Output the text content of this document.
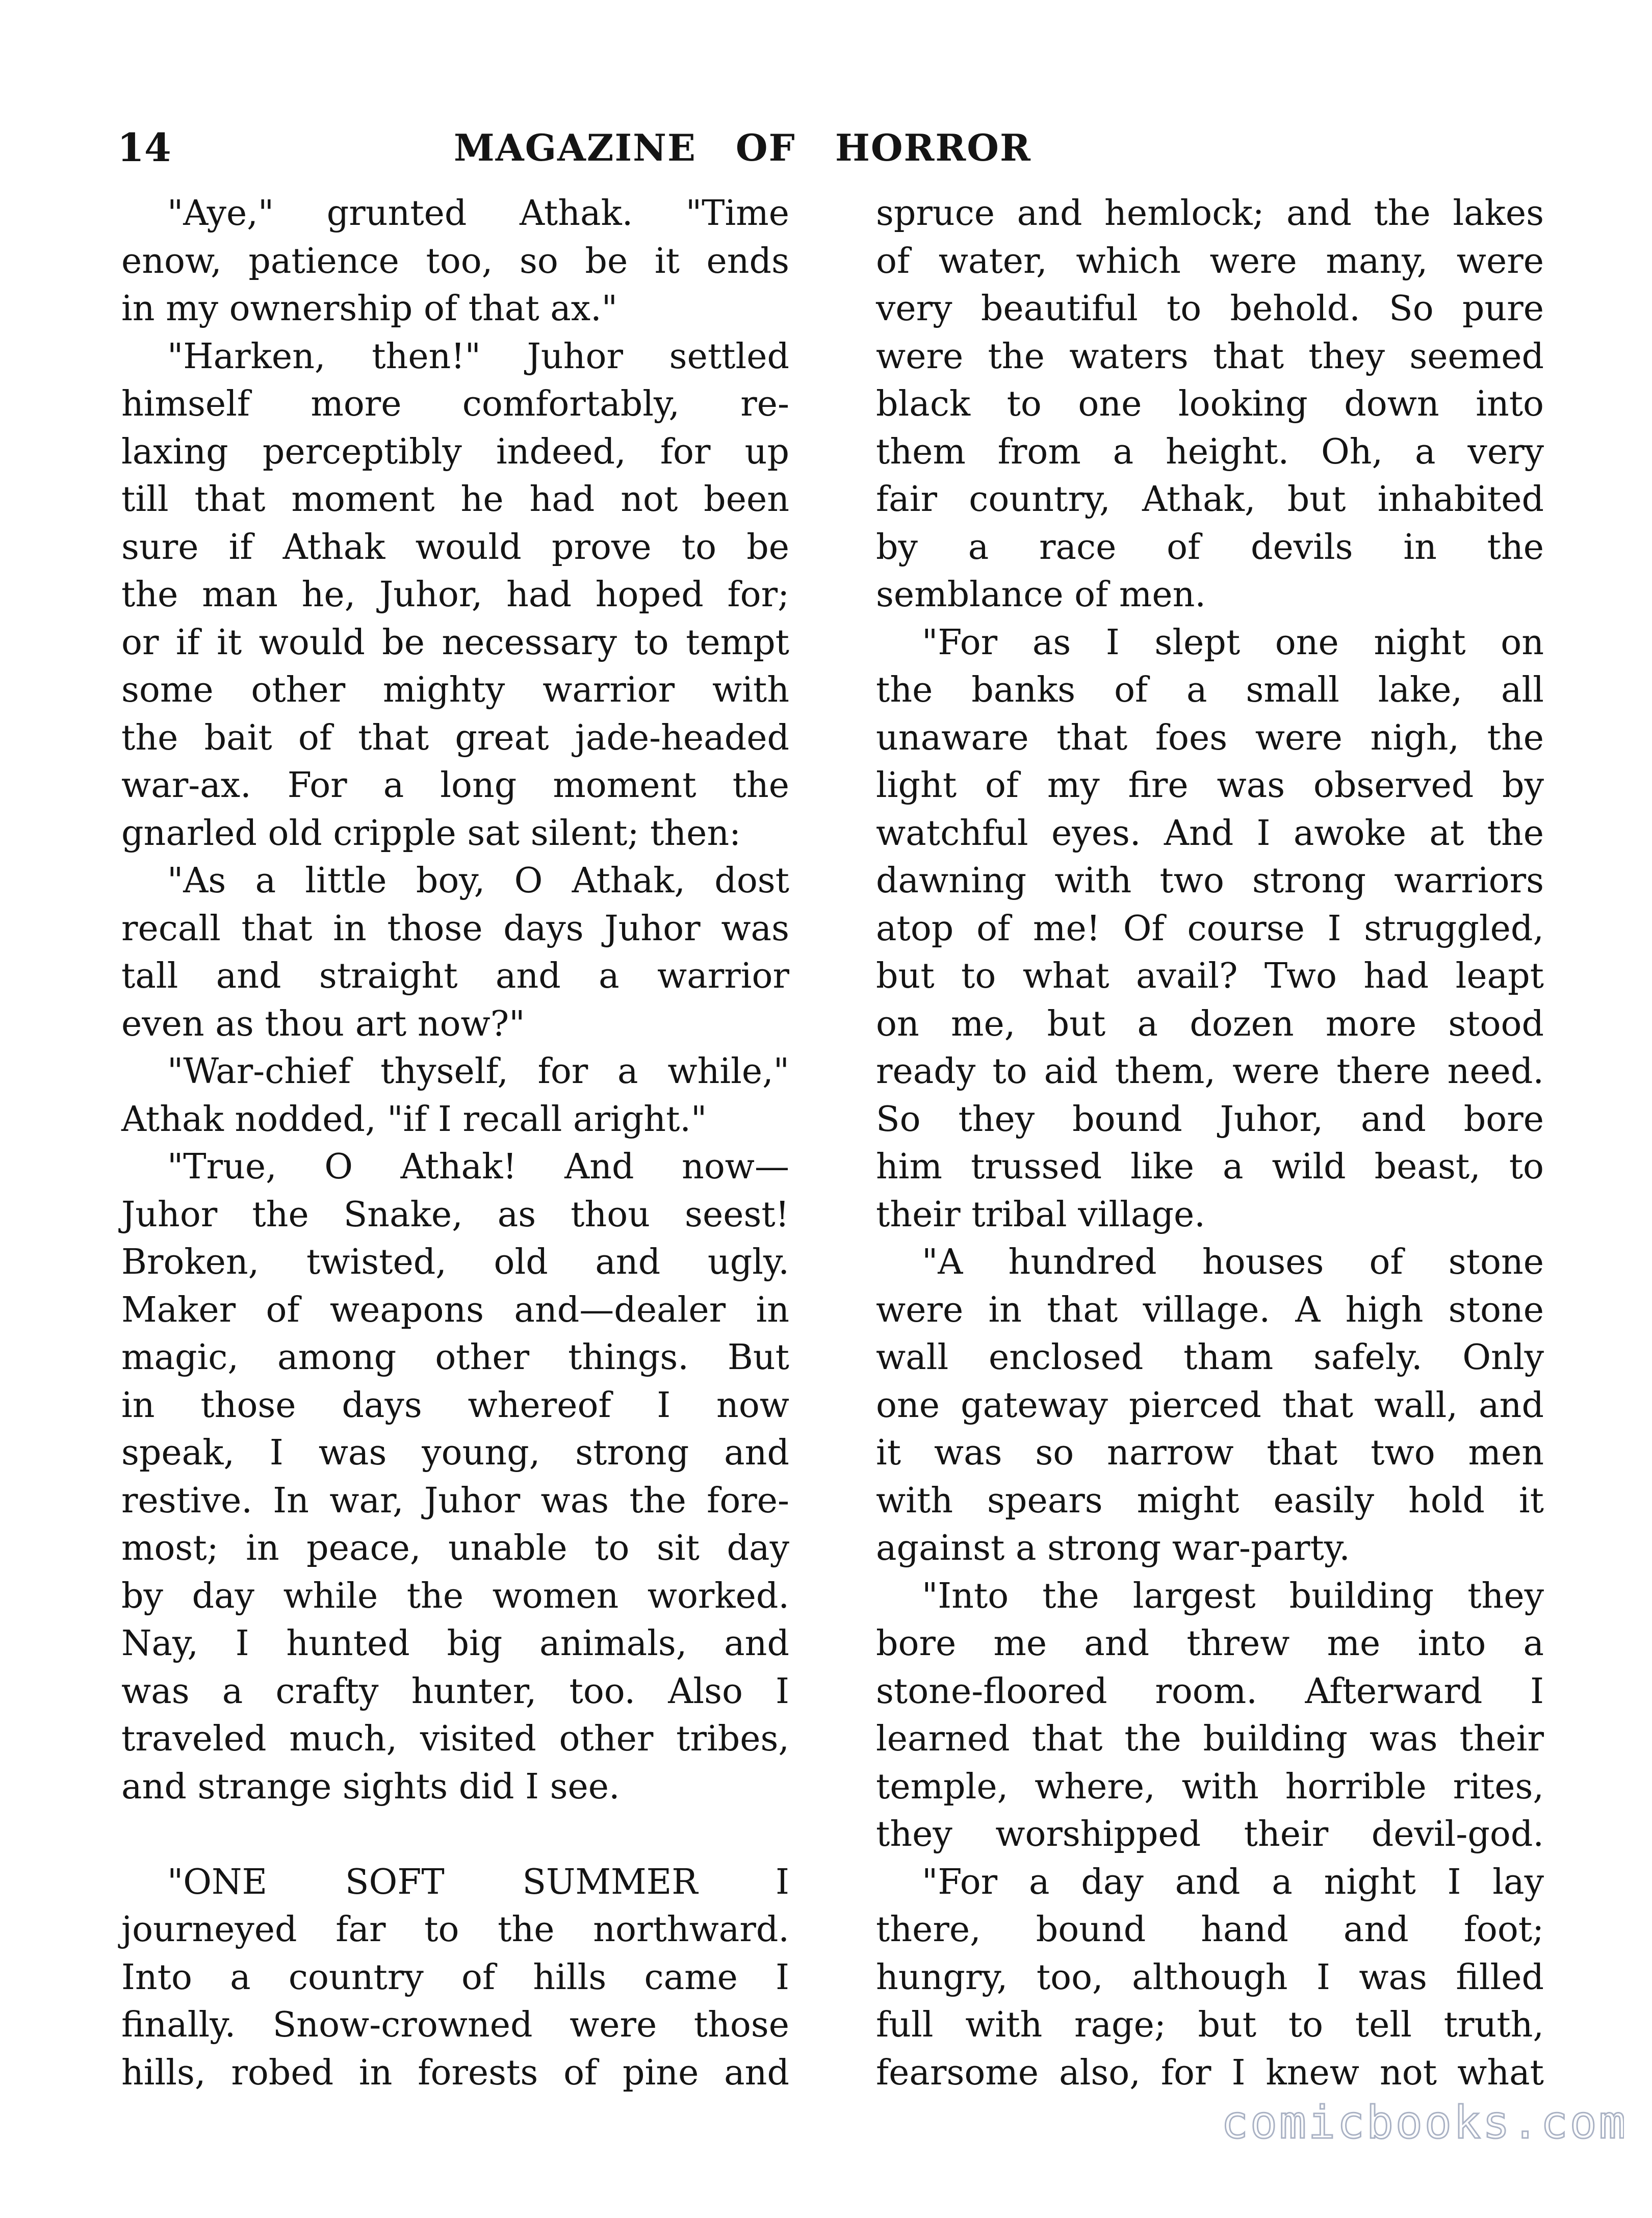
14	MAGAZINE OF HORROR
"Aye," grunted Athak. "Time
enow, patience too, so be it ends
in my ownership of that ax."
"Harken, then!" Juhor settled
himself more comfortably, re-
laxing perceptibly indeed, for up
till that moment he had not been
sure if Athak would prove to be
the man he, Juhor, had hoped for;
or if it would be necessary to tempt
some other mighty warrior with
the bait of that great jade-headed
war-ax. For a long moment the
gnarled old cripple sat silent; then:
"As a little boy, O Athak, dost
recall that in those days Juhor was
tall and straight and a warrior
even as thou art now?"
"War-chief thyself, for a while,"
Athak nodded, "if I recall aright."
"True, O Athak! And now—
Juhor the Snake, as thou seest!
Broken, twisted, old and ugly.
Maker of weapons and—dealer in
magic, among other things. But
in those days whereof I now
speak, I was young, strong and
restive. In war, Juhor was the fore-
most; in peace, unable to sit day
by day while the women worked.
Nay, I hunted big animals, and
was a crafty hunter, too. Also I
traveled much, visited other tribes,
and strange sights did I see.
"ONE SOFT SUMMER I
journeyed far to the northward.
Into a country of hills came I
finally. Snow-crowned were those
hills, robed in forests of pine and
spruce and hemlock; and the lakes
of water, which were many, were
very beautiful to behold. So pure
were the waters that they seemed
black to one looking down into
them from a height. Oh, a very
fair country, Athak, but inhabited
by a race of devils in the
semblance of men.
"For as I slept one night on
the banks of a small lake, all
unaware that foes were nigh, the
light of my fire was observed by
watchful eyes. And I awoke at the
dawning with two strong warriors
atop of me! Of course I struggled,
but to what avail? Two had leapt
on me, but a dozen more stood
ready to aid them, were there need.
So they bound Juhor, and bore
him trussed like a wild beast, to
their tribal village.
"A hundred houses of stone
were in that village. A high stone
wall enclosed tham safely. Only
one gateway pierced that wall, and
it was so narrow that two men
with spears might easily hold it
against a strong war-party.
"Into the largest building they
bore me and threw me into a
stone-floored room. Afterward I
learned that the building was their
temple, where, with horrible rites,
they worshipped their devil-god.
"For a day and a night I lay
there, bound hand and foot;
hungry, too, although I was filled
full with rage; but to tell truth,
fearsome also, for I knew not what
comicbooks.com
